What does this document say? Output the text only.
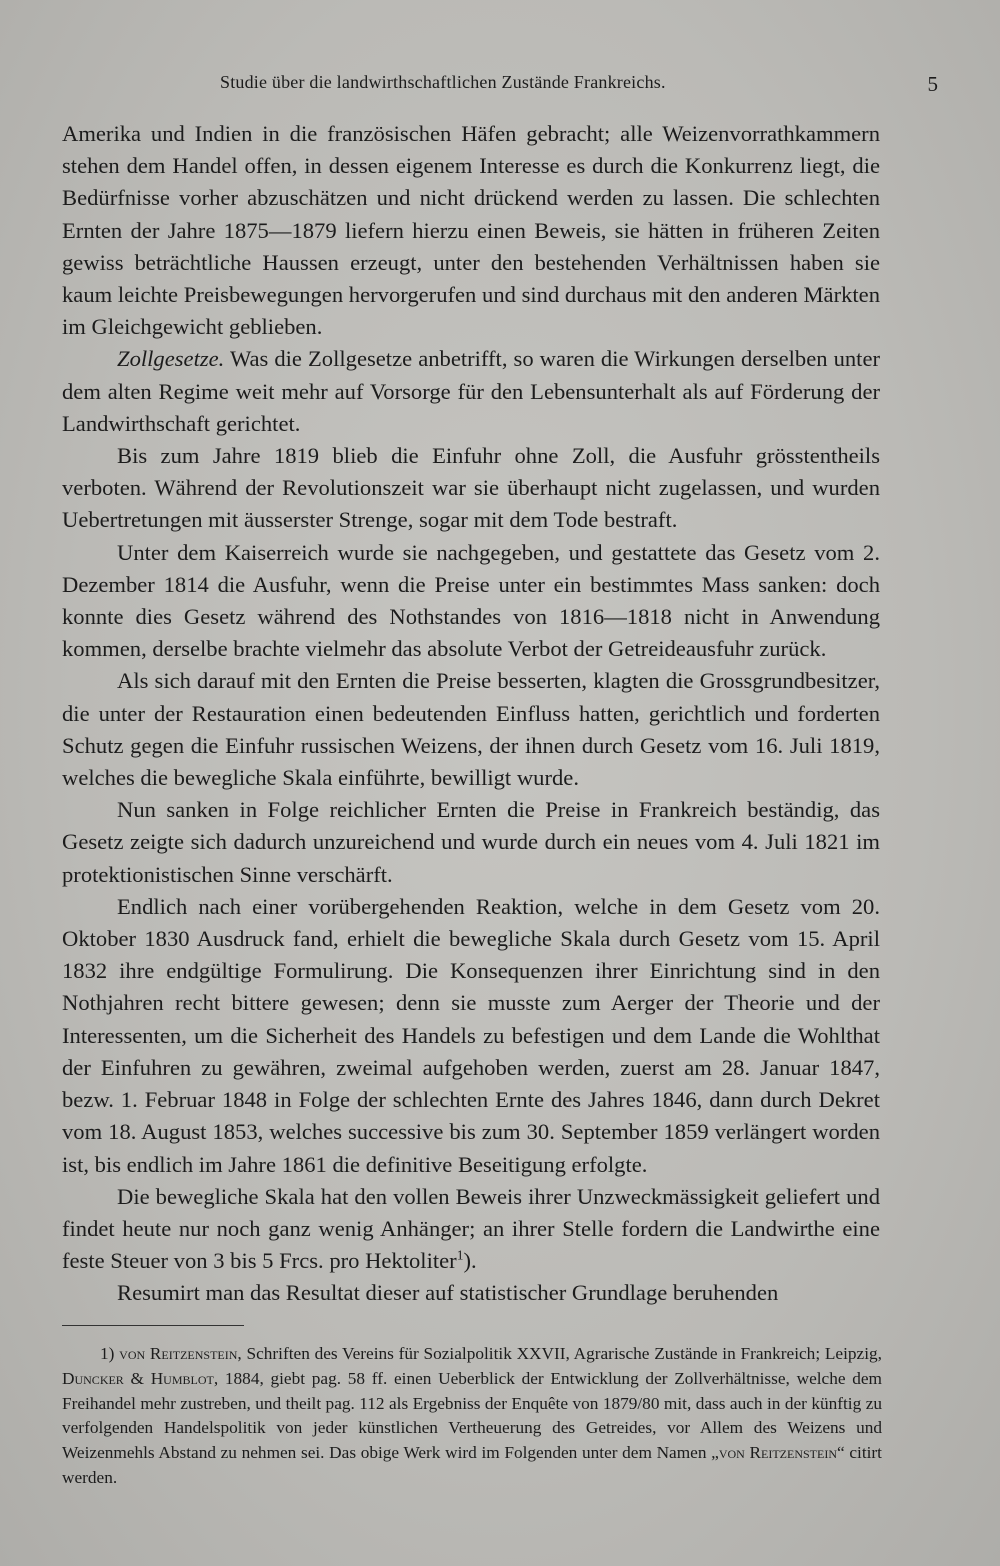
Studie über die landwirthschaftlichen Zustände Frankreichs.	5

Amerika und Indien in die französischen Häfen gebracht; alle Weizenvorrathkammern stehen dem Handel offen, in dessen eigenem Interesse es durch die Konkurrenz liegt, die Bedürfnisse vorher abzuschätzen und nicht drückend werden zu lassen. Die schlechten Ernten der Jahre 1875—1879 liefern hierzu einen Beweis, sie hätten in früheren Zeiten gewiss beträchtliche Haussen erzeugt, unter den bestehenden Verhältnissen haben sie kaum leichte Preisbewegungen hervorgerufen und sind durchaus mit den anderen Märkten im Gleichgewicht geblieben.

Zollgesetze. Was die Zollgesetze anbetrifft, so waren die Wirkungen derselben unter dem alten Regime weit mehr auf Vorsorge für den Lebensunterhalt als auf Förderung der Landwirthschaft gerichtet.

Bis zum Jahre 1819 blieb die Einfuhr ohne Zoll, die Ausfuhr grösstentheils verboten. Während der Revolutionszeit war sie überhaupt nicht zugelassen, und wurden Uebertretungen mit äusserster Strenge, sogar mit dem Tode bestraft.

Unter dem Kaiserreich wurde sie nachgegeben, und gestattete das Gesetz vom 2. Dezember 1814 die Ausfuhr, wenn die Preise unter ein bestimmtes Mass sanken: doch konnte dies Gesetz während des Nothstandes von 1816—1818 nicht in Anwendung kommen, derselbe brachte vielmehr das absolute Verbot der Getreideausfuhr zurück.

Als sich darauf mit den Ernten die Preise besserten, klagten die Grossgrundbesitzer, die unter der Restauration einen bedeutenden Einfluss hatten, gerichtlich und forderten Schutz gegen die Einfuhr russischen Weizens, der ihnen durch Gesetz vom 16. Juli 1819, welches die bewegliche Skala einführte, bewilligt wurde.

Nun sanken in Folge reichlicher Ernten die Preise in Frankreich beständig, das Gesetz zeigte sich dadurch unzureichend und wurde durch ein neues vom 4. Juli 1821 im protektionistischen Sinne verschärft.

Endlich nach einer vorübergehenden Reaktion, welche in dem Gesetz vom 20. Oktober 1830 Ausdruck fand, erhielt die bewegliche Skala durch Gesetz vom 15. April 1832 ihre endgültige Formulirung. Die Konsequenzen ihrer Einrichtung sind in den Nothjahren recht bittere gewesen; denn sie musste zum Aerger der Theorie und der Interessenten, um die Sicherheit des Handels zu befestigen und dem Lande die Wohlthat der Einfuhren zu gewähren, zweimal aufgehoben werden, zuerst am 28. Januar 1847, bezw. 1. Februar 1848 in Folge der schlechten Ernte des Jahres 1846, dann durch Dekret vom 18. August 1853, welches successive bis zum 30. September 1859 verlängert worden ist, bis endlich im Jahre 1861 die definitive Beseitigung erfolgte.

Die bewegliche Skala hat den vollen Beweis ihrer Unzweckmässigkeit geliefert und findet heute nur noch ganz wenig Anhänger; an ihrer Stelle fordern die Landwirthe eine feste Steuer von 3 bis 5 Frcs. pro Hektoliter$^1$).

Resumirt man das Resultat dieser auf statistischer Grundlage beruhenden

1) von Reitzenstein, Schriften des Vereins für Sozialpolitik XXVII, Agrarische Zustände in Frankreich; Leipzig, Duncker & Humblot, 1884, giebt pag. 58 ff. einen Ueberblick der Entwicklung der Zollverhältnisse, welche dem Freihandel mehr zustreben, und theilt pag. 112 als Ergebniss der Enquête von 1879/80 mit, dass auch in der künftig zu verfolgenden Handelspolitik von jeder künstlichen Vertheuerung des Getreides, vor Allem des Weizens und Weizenmehls Abstand zu nehmen sei. Das obige Werk wird im Folgenden unter dem Namen „von Reitzenstein“ citirt werden.
